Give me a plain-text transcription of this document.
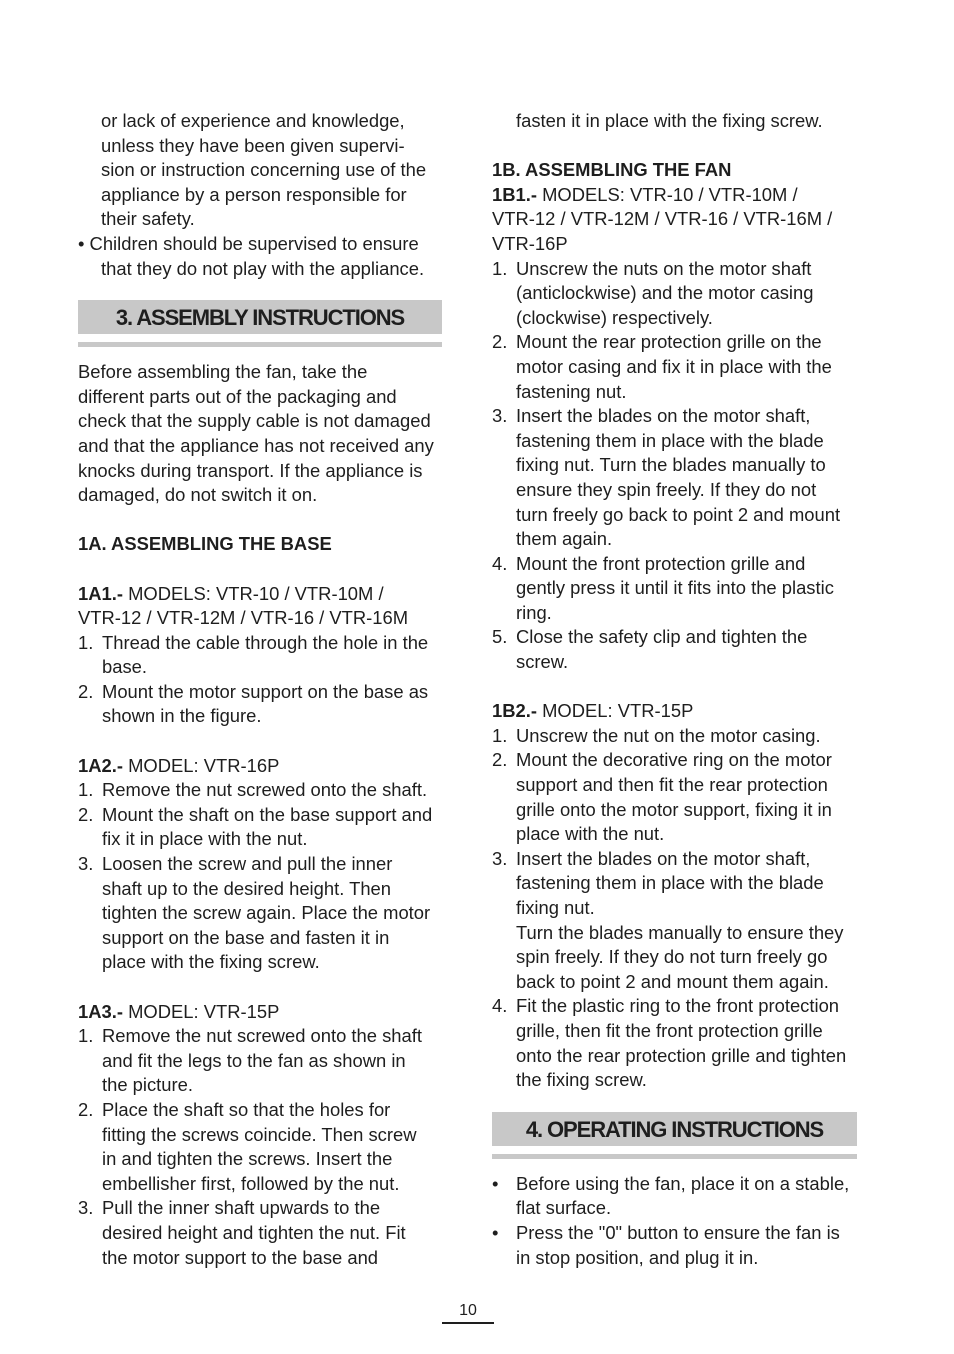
or lack of experience and knowledge,

unless they have been given supervi-

sion or instruction concerning use of the

appliance by a person responsible for

their safety.

• Children should be supervised to ensure

that they do not play with the appliance.

3. ASSEMBLY INSTRUCTIONS

Before assembling the fan, take the

different parts out of the packaging and

check that the supply cable is not damaged

and that the appliance has not received any

knocks during transport. If the appliance is

damaged, do not switch it on.

1A. ASSEMBLING THE BASE

1A1.- MODELS: VTR-10 / VTR-10M /

VTR-12 / VTR-12M / VTR-16 / VTR-16M

1. Thread the cable through the hole in the

base.

2. Mount the motor support on the base as

shown in the figure.

1A2.- MODEL: VTR-16P

1. Remove the nut screwed onto the shaft.

2. Mount the shaft on the base support and

fix it in place with the nut.

3. Loosen the screw and pull the inner

shaft up to the desired height. Then

tighten the screw again. Place the motor

support on the base and fasten it in

place with the fixing screw.

1A3.- MODEL: VTR-15P

1. Remove the nut screwed onto the shaft

and fit the legs to the fan as shown in

the picture.

2. Place the shaft so that the holes for

fitting the screws coincide. Then screw

in and tighten the screws. Insert the

embellisher first, followed by the nut.

3. Pull the inner shaft upwards to the

desired height and tighten the nut. Fit

the motor support to the base and

fasten it in place with the fixing screw.

1B. ASSEMBLING THE FAN

1B1.- MODELS: VTR-10 / VTR-10M /

VTR-12 / VTR-12M / VTR-16 / VTR-16M /

VTR-16P

1. Unscrew the nuts on the motor shaft

(anticlockwise) and the motor casing

(clockwise) respectively.

2. Mount the rear protection grille on the

motor casing and fix it in place with the

fastening nut.

3. Insert the blades on the motor shaft,

fastening them in place with the blade

fixing nut. Turn the blades manually to

ensure they spin freely. If they do not

turn freely go back to point 2 and mount

them again.

4. Mount the front protection grille and

gently press it until it fits into the plastic

ring.

5. Close the safety clip and tighten the

screw.

1B2.- MODEL: VTR-15P

1. Unscrew the nut on the motor casing.

2. Mount the decorative ring on the motor

support and then fit the rear protection

grille onto the motor support, fixing it in

place with the nut.

3. Insert the blades on the motor shaft,

fastening them in place with the blade

fixing nut.

Turn the blades manually to ensure they

spin freely. If they do not turn freely go

back to point 2 and mount them again.

4. Fit the plastic ring to the front protection

grille, then fit the front protection grille

onto the rear protection grille and tighten

the fixing screw.

4. OPERATING INSTRUCTIONS
• Before using the fan, place it on a stable,

flat surface.

• Press the "0" button to ensure the fan is

in stop position, and plug it in.

10
